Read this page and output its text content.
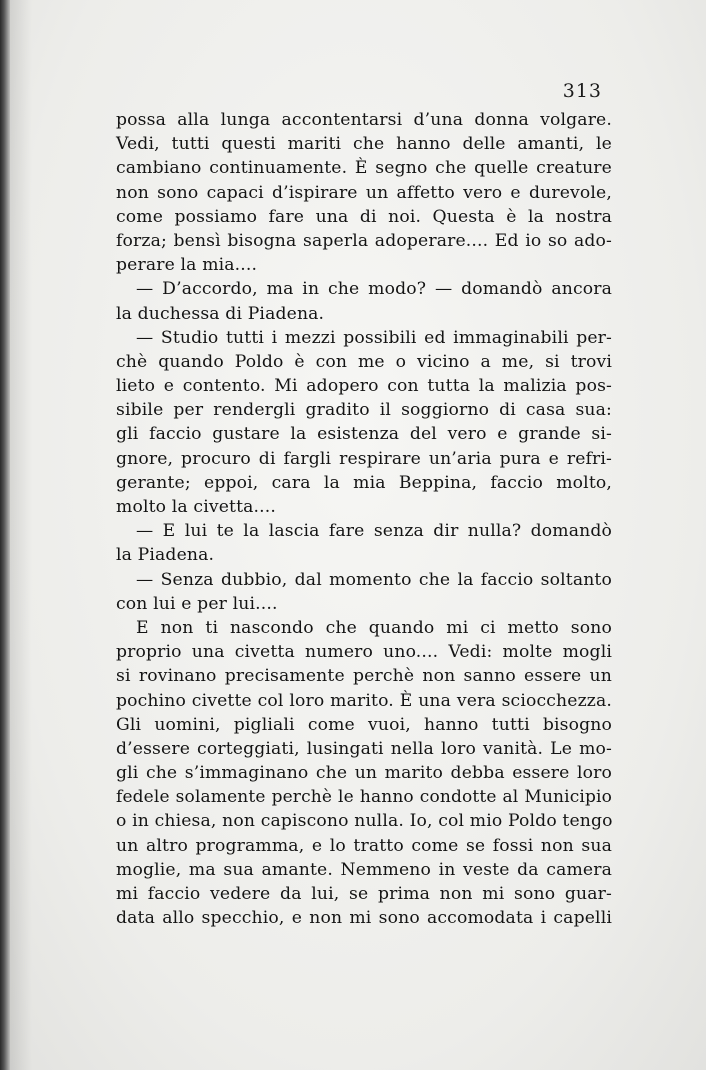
313
possa alla lunga accontentarsi d’una donna volgare.
Vedi, tutti questi mariti che hanno delle amanti, le
cambiano continuamente. È segno che quelle creature
non sono capaci d’ispirare un affetto vero e durevole,
come possiamo fare una di noi. Questa è la nostra
forza; bensì bisogna saperla adoperare.... Ed io so ado-
perare la mia....
— D’accordo, ma in che modo? — domandò ancora
la duchessa di Piadena.
— Studio tutti i mezzi possibili ed immaginabili per-
chè quando Poldo è con me o vicino a me, si trovi
lieto e contento. Mi adopero con tutta la malizia pos-
sibile per rendergli gradito il soggiorno di casa sua:
gli faccio gustare la esistenza del vero e grande si-
gnore, procuro di fargli respirare un’aria pura e refri-
gerante; eppoi, cara la mia Beppina, faccio molto,
molto la civetta....
— E lui te la lascia fare senza dir nulla? domandò
la Piadena.
— Senza dubbio, dal momento che la faccio soltanto
con lui e per lui....
E non ti nascondo che quando mi ci metto sono
proprio una civetta numero uno.... Vedi: molte mogli
si rovinano precisamente perchè non sanno essere un
pochino civette col loro marito. È una vera sciocchezza.
Gli uomini, pigliali come vuoi, hanno tutti bisogno
d’essere corteggiati, lusingati nella loro vanità. Le mo-
gli che s’immaginano che un marito debba essere loro
fedele solamente perchè le hanno condotte al Municipio
o in chiesa, non capiscono nulla. Io, col mio Poldo tengo
un altro programma, e lo tratto come se fossi non sua
moglie, ma sua amante. Nemmeno in veste da camera
mi faccio vedere da lui, se prima non mi sono guar-
data allo specchio, e non mi sono accomodata i capelli
